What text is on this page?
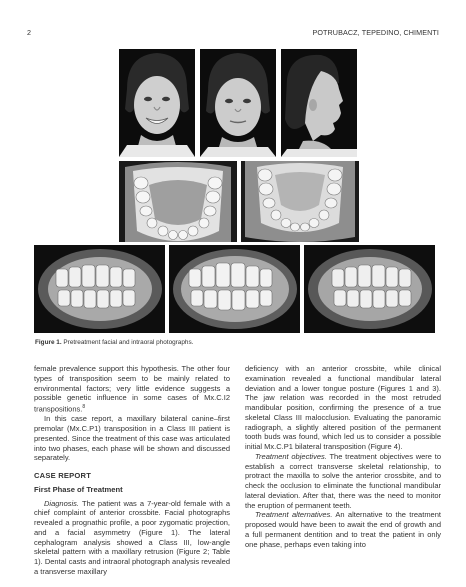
2	POTRUBACZ, TEPEDINO, CHIMENTI
Figure 1. Pretreatment facial and intraoral photographs.

female prevalence support this hypothesis. The other four types of transposition seem to be mainly related to environmental factors; very little evidence suggests a possible genetic influence in some cases of Mx.C.I2 transpositions.$^8$

In this case report, a maxillary bilateral canine–first premolar (Mx.C.P1) transposition in a Class III patient is presented. Since the treatment of this case was articulated into two phases, each phase will be shown and discussed separately.

CASE REPORT
First Phase of Treatment

Diagnosis. The patient was a 7-year-old female with a chief complaint of anterior crossbite. Facial photographs revealed a prognathic profile, a poor zygomatic projection, and a facial asymmetry (Figure 1). The lateral cephalogram analysis showed a Class III, low-angle skeletal pattern with a maxillary retrusion (Figure 2; Table 1). Dental casts and intraoral photograph analysis revealed a transverse maxillary

deficiency with an anterior crossbite, while clinical examination revealed a functional mandibular lateral deviation and a lower tongue posture (Figures 1 and 3). The jaw relation was recorded in the most retruded mandibular position, confirming the presence of a true skeletal Class III malocclusion. Evaluating the panoramic radiograph, a slightly altered position of the permanent tooth buds was found, which led us to consider a possible initial Mx.C.P1 bilateral transposition (Figure 4).

Treatment objectives. The treatment objectives were to establish a correct transverse skeletal relationship, to protract the maxilla to solve the anterior crossbite, and to check the occlusion to eliminate the functional mandibular lateral deviation. After that, there was the need to monitor the eruption of permanent teeth.

Treatment alternatives. An alternative to the treatment proposed would have been to await the end of growth and a full permanent dentition and to treat the patient in only one phase, perhaps even taking into
